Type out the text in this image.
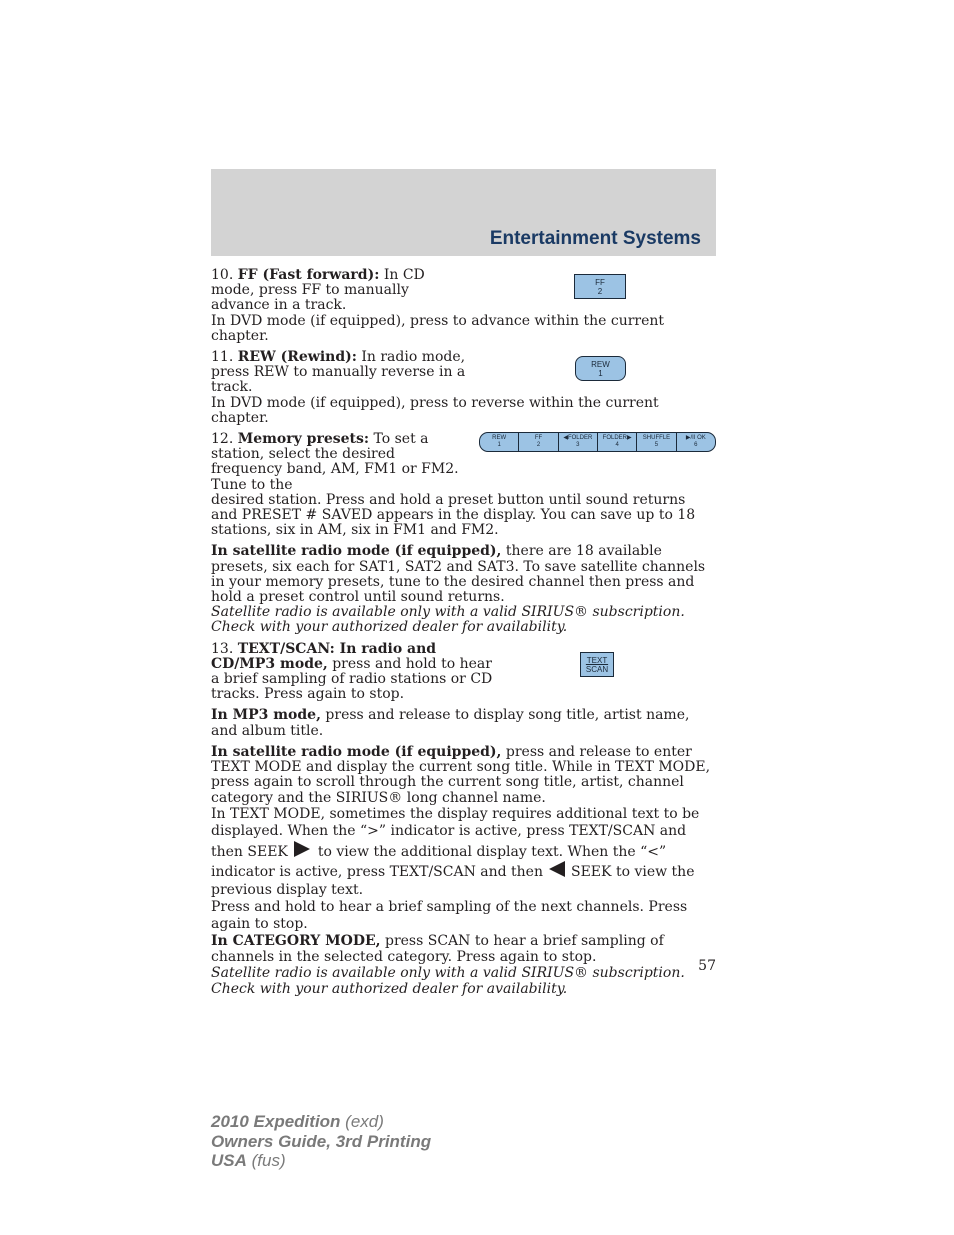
Entertainment Systems
10. FF (Fast forward): In CD mode, press FF to manually advance in a track.
FF
2
In DVD mode (if equipped), press to advance within the current chapter.
11. REW (Rewind): In radio mode, press REW to manually reverse in a track.
REW
1
In DVD mode (if equipped), press to reverse within the current chapter.
12. Memory presets: To set a station, select the desired frequency band, AM, FM1 or FM2. Tune to the
REW
1
FF
2
◀FOLDER
3
FOLDER▶
4
SHUFFLE
5
▶/II OK
6
desired station. Press and hold a preset button until sound returns and PRESET # SAVED appears in the display. You can save up to 18 stations, six in AM, six in FM1 and FM2.
In satellite radio mode (if equipped), there are 18 available presets, six each for SAT1, SAT2 and SAT3. To save satellite channels in your memory presets, tune to the desired channel then press and hold a preset control until sound returns.
Satellite radio is available only with a valid SIRIUS® subscription. Check with your authorized dealer for availability.
13. TEXT/SCAN: In radio and CD/MP3 mode, press and hold to hear a brief sampling of radio stations or CD tracks. Press again to stop.
TEXT
SCAN
In MP3 mode, press and release to display song title, artist name, and album title.
In satellite radio mode (if equipped), press and release to enter TEXT MODE and display the current song title. While in TEXT MODE, press again to scroll through the current song title, artist, channel category and the SIRIUS® long channel name.
In TEXT MODE, sometimes the display requires additional text to be displayed. When the “>” indicator is active, press TEXT/SCAN and then SEEK to view the additional display text. When the “<” indicator is active, press TEXT/SCAN and then SEEK to view the previous display text.
Press and hold to hear a brief sampling of the next channels. Press again to stop.
In CATEGORY MODE, press SCAN to hear a brief sampling of channels in the selected category. Press again to stop.
Satellite radio is available only with a valid SIRIUS® subscription. Check with your authorized dealer for availability.
57
2010 Expedition (exd)
Owners Guide, 3rd Printing
USA (fus)
